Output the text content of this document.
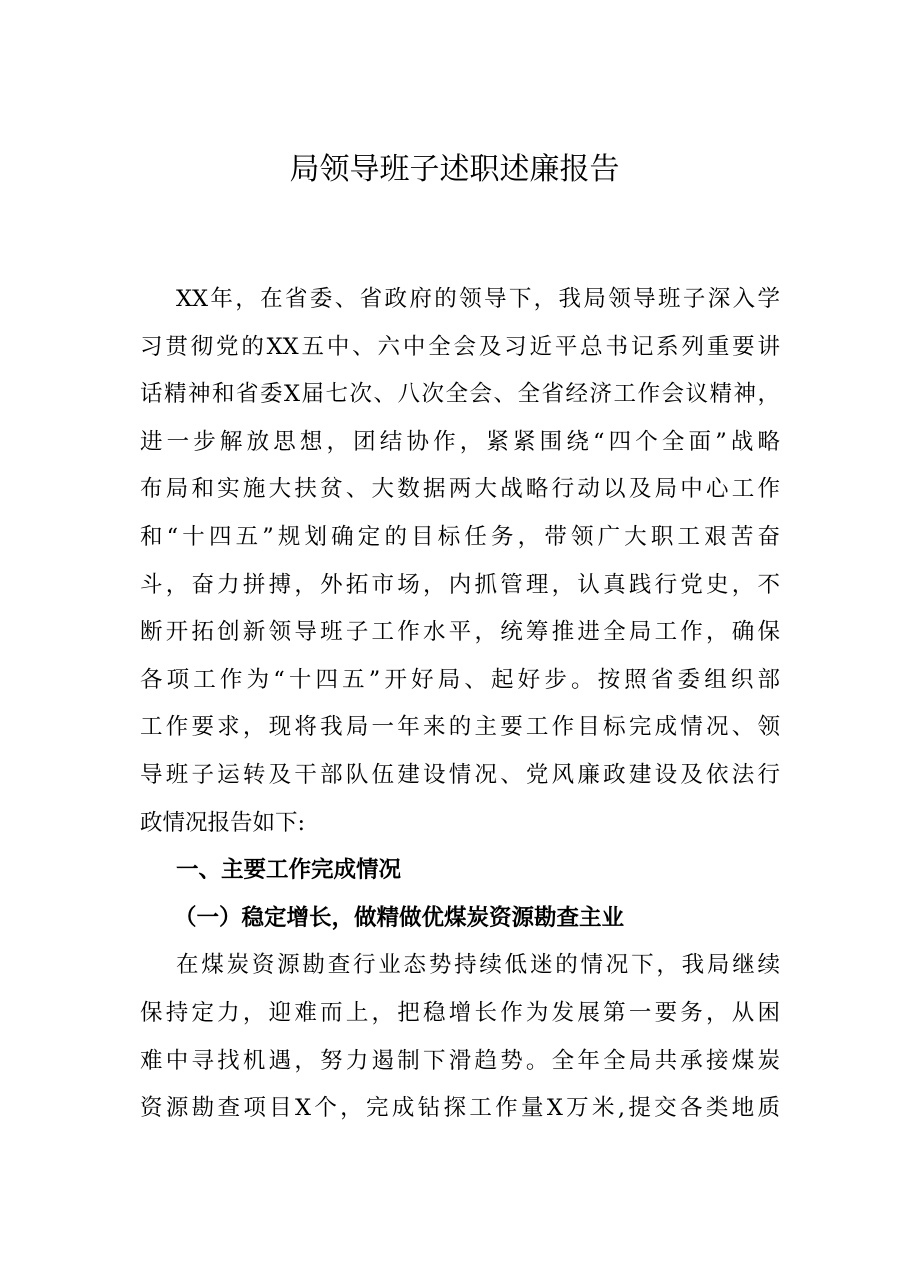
局领导班子述职述廉报告
XX年，在省委、省政府的领导下，我局领导班子深入学
习贯彻党的XX五中、六中全会及习近平总书记系列重要讲
话精神和省委X届七次、八次全会、全省经济工作会议精神，
进一步解放思想，团结协作，紧紧围绕“四个全面”战略
布局和实施大扶贫、大数据两大战略行动以及局中心工作
和“十四五”规划确定的目标任务，带领广大职工艰苦奋
斗，奋力拼搏，外拓市场，内抓管理，认真践行党史，不
断开拓创新领导班子工作水平，统筹推进全局工作，确保
各项工作为“十四五”开好局、起好步。按照省委组织部
工作要求，现将我局一年来的主要工作目标完成情况、领
导班子运转及干部队伍建设情况、党风廉政建设及依法行
政情况报告如下:
一、主要工作完成情况
（一）稳定增长，做精做优煤炭资源勘查主业
在煤炭资源勘查行业态势持续低迷的情况下，我局继续
保持定力，迎难而上，把稳增长作为发展第一要务，从困
难中寻找机遇，努力遏制下滑趋势。全年全局共承接煤炭
资源勘查项目X个，完成钻探工作量X万米,提交各类地质
